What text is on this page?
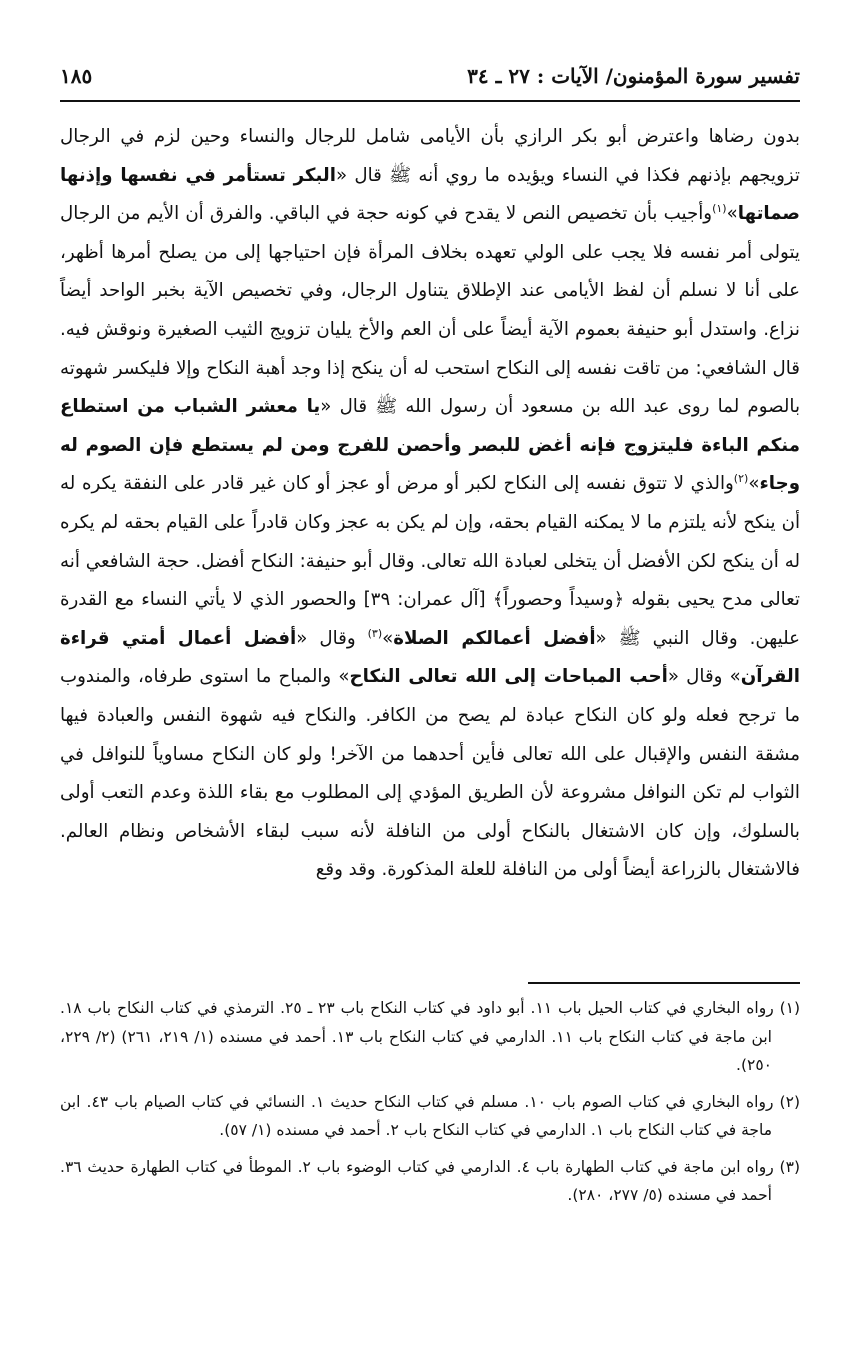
تفسير سورة المؤمنون/ الآيات : ٢٧ ـ ٣٤
١٨٥

بدون رضاها واعترض أبو بكر الرازي بأن الأيامى شامل للرجال والنساء وحين لزم في الرجال تزويجهم بإذنهم فكذا في النساء ويؤيده ما روي أنه ﷺ قال «البكر تستأمر في نفسها وإذنها صماتها»$^{(١)}$وأجيب بأن تخصيص النص لا يقدح في كونه حجة في الباقي. والفرق أن الأيم من الرجال يتولى أمر نفسه فلا يجب على الولي تعهده بخلاف المرأة فإن احتياجها إلى من يصلح أمرها أظهر، على أنا لا نسلم أن لفظ الأيامى عند الإطلاق يتناول الرجال، وفي تخصيص الآية بخبر الواحد أيضاً نزاع. واستدل أبو حنيفة بعموم الآية أيضاً على أن العم والأخ يليان تزويج الثيب الصغيرة ونوقش فيه. قال الشافعي: من تاقت نفسه إلى النكاح استحب له أن ينكح إذا وجد أهبة النكاح وإلا فليكسر شهوته بالصوم لما روى عبد الله بن مسعود أن رسول الله ﷺ قال «يا معشر الشباب من استطاع منكم الباءة فليتزوج فإنه أغض للبصر وأحصن للفرج ومن لم يستطع فإن الصوم له وجاء»$^{(٢)}$والذي لا تتوق نفسه إلى النكاح لكبر أو مرض أو عجز أو كان غير قادر على النفقة يكره له أن ينكح لأنه يلتزم ما لا يمكنه القيام بحقه، وإن لم يكن به عجز وكان قادراً على القيام بحقه لم يكره له أن ينكح لكن الأفضل أن يتخلى لعبادة الله تعالى. وقال أبو حنيفة: النكاح أفضل. حجة الشافعي أنه تعالى مدح يحيى بقوله ﴿وسيداً وحصوراً﴾ [آل عمران: ٣٩] والحصور الذي لا يأتي النساء مع القدرة عليهن. وقال النبي ﷺ «أفضل أعمالكم الصلاة»$^{(٣)}$ وقال «أفضل أعمال أمتي قراءة القرآن» وقال «أحب المباحات إلى الله تعالى النكاح» والمباح ما استوى طرفاه، والمندوب ما ترجح فعله ولو كان النكاح عبادة لم يصح من الكافر. والنكاح فيه شهوة النفس والعبادة فيها مشقة النفس والإقبال على الله تعالى فأين أحدهما من الآخر! ولو كان النكاح مساوياً للنوافل في الثواب لم تكن النوافل مشروعة لأن الطريق المؤدي إلى المطلوب مع بقاء اللذة وعدم التعب أولى بالسلوك، وإن كان الاشتغال بالنكاح أولى من النافلة لأنه سبب لبقاء الأشخاص ونظام العالم. فالاشتغال بالزراعة أيضاً أولى من النافلة للعلة المذكورة. وقد وقع

(١) رواه البخاري في كتاب الحيل باب ١١. أبو داود في كتاب النكاح باب ٢٣ ـ ٢٥. الترمذي في كتاب النكاح باب ١٨. ابن ماجة في كتاب النكاح باب ١١. الدارمي في كتاب النكاح باب ١٣. أحمد في مسنده (١/ ٢١٩، ٢٦١) (٢/ ٢٢٩، ٢٥٠).

(٢) رواه البخاري في كتاب الصوم باب ١٠. مسلم في كتاب النكاح حديث ١. النسائي في كتاب الصيام باب ٤٣. ابن ماجة في كتاب النكاح باب ١. الدارمي في كتاب النكاح باب ٢. أحمد في مسنده (١/ ٥٧).

(٣) رواه ابن ماجة في كتاب الطهارة باب ٤. الدارمي في كتاب الوضوء باب ٢. الموطأ في كتاب الطهارة حديث ٣٦. أحمد في مسنده (٥/ ٢٧٧، ٢٨٠).
